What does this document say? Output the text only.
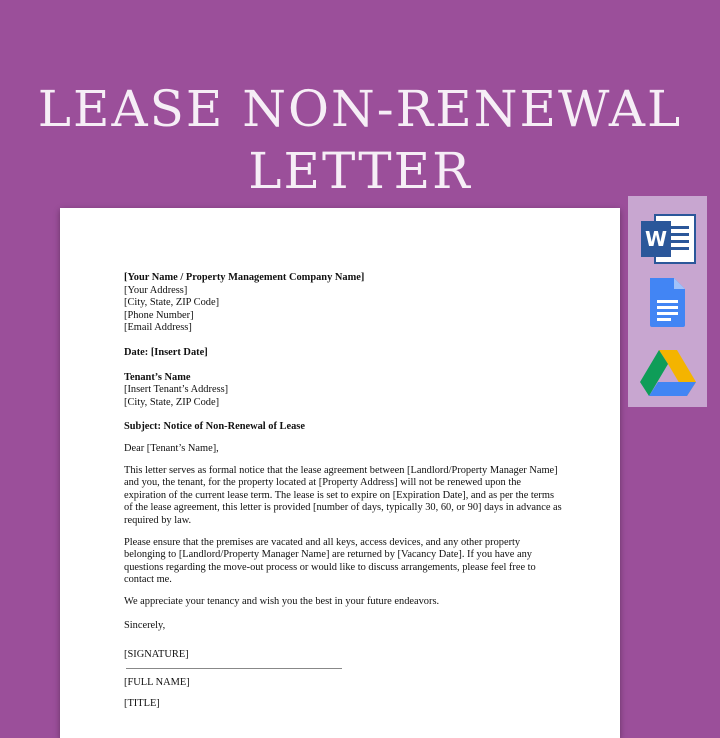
LEASE NON-RENEWAL
LETTER

[Your Name / Property Management Company Name]

[Your Address]

[City, State, ZIP Code]

[Phone Number]

[Email Address]

Date: [Insert Date]

Tenant’s Name

[Insert Tenant’s Address]

[City, State, ZIP Code]

Subject: Notice of Non-Renewal of Lease

Dear [Tenant’s Name],

This letter serves as formal notice that the lease agreement between [Landlord/Property Manager Name] and you, the tenant, for the property located at [Property Address] will not be renewed upon the expiration of the current lease term. The lease is set to expire on [Expiration Date], and as per the terms of the lease agreement, this letter is provided [number of days, typically 30, 60, or 90] days in advance as required by law.

Please ensure that the premises are vacated and all keys, access devices, and any other property belonging to [Landlord/Property Manager Name] are returned by [Vacancy Date]. If you have any questions regarding the move-out process or would like to discuss arrangements, please feel free to contact me.

We appreciate your tenancy and wish you the best in your future endeavors.

Sincerely,

[SIGNATURE]

[FULL NAME]

[TITLE]

W
